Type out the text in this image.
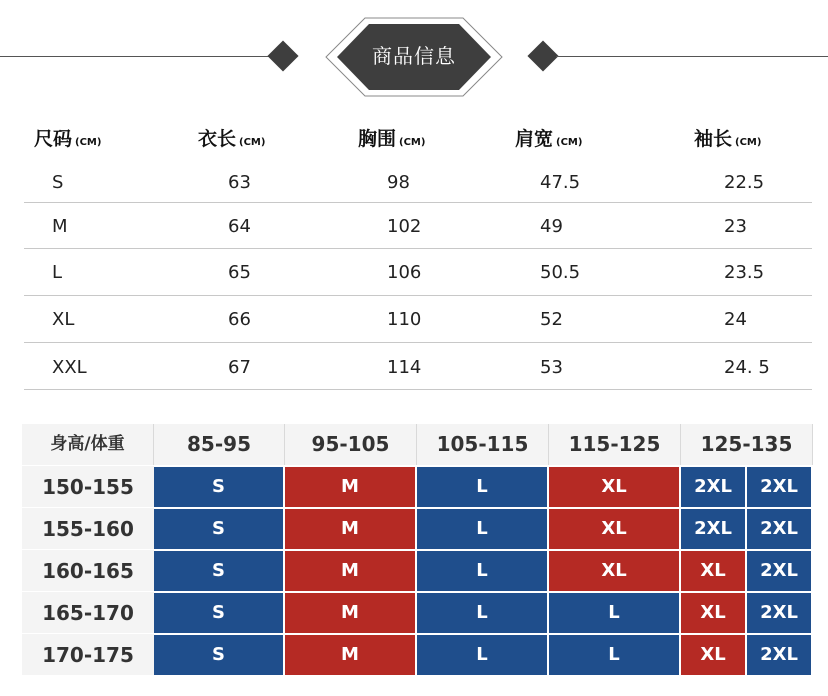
商品信息
尺码 (CM)	衣长 (CM)	胸围 (CM)	肩宽 (CM)	袖长 (CM)
S	63	98	47.5	22.5
M	64	102	49	23
L	65	106	50.5	23.5
XL	66	110	52	24
XXL	67	114	53	24. 5
身高/体重	85-95	95-105	105-115	115-125	125-135
150-155	S	M	L	XL	2XL	2XL
155-160	S	M	L	XL	2XL	2XL
160-165	S	M	L	XL	XL	2XL
165-170	S	M	L	L	XL	2XL
170-175	S	M	L	L	XL	2XL
